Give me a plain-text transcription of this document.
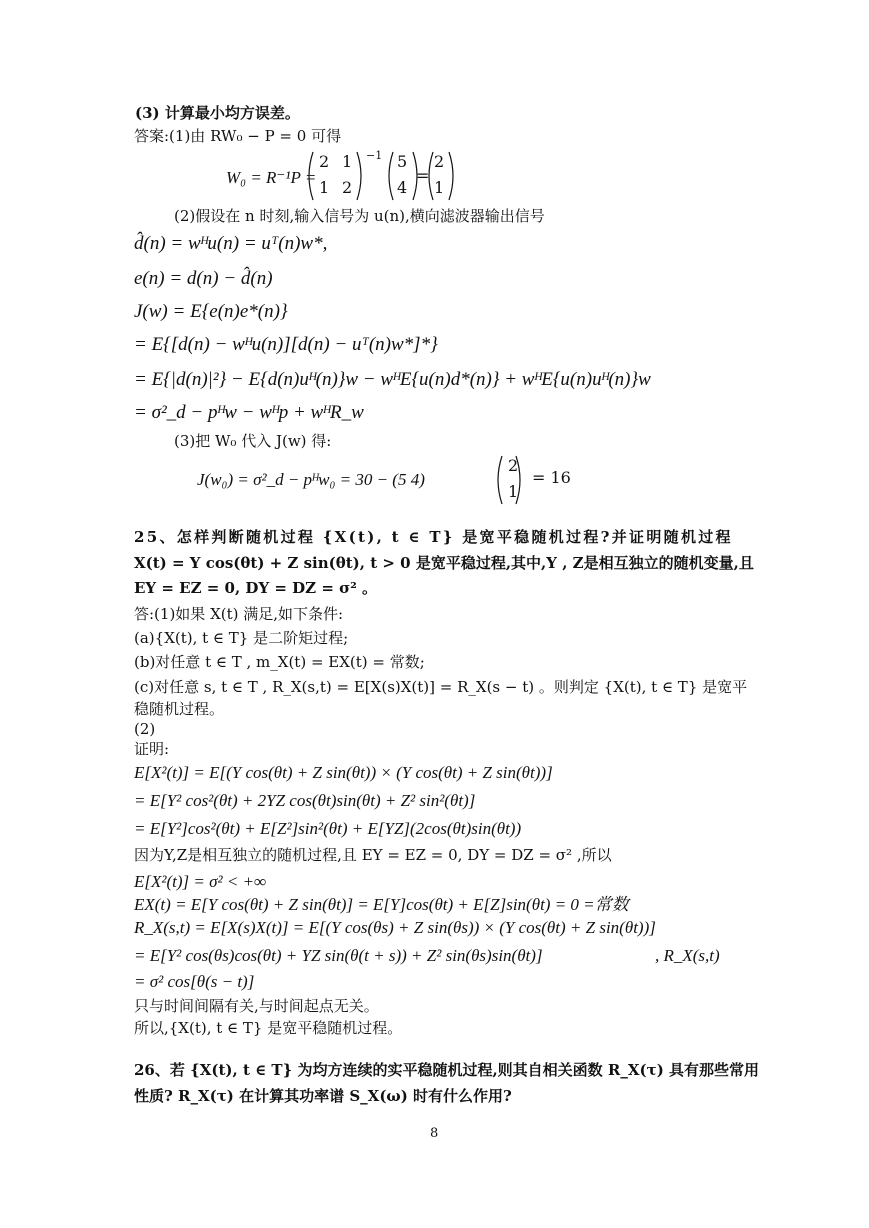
(3) 计算最小均方误差。
答案:(1)由 RW₀ − P = 0 可得
W₀ = R⁻¹P =
2 1
1 2
−1 5
4
=
2
1
(2)假设在 n 时刻,输入信号为 u(n),横向滤波器输出信号
d̂(n) = wᴴu(n) = uᵀ(n)w*,
e(n) = d(n) − d̂(n)
J(w) = E{e(n)e*(n)}
= E{[d(n) − wᴴu(n)][d(n) − uᵀ(n)w*]*}
= E{|d(n)|²} − E{d(n)uᴴ(n)}w − wᴴE{u(n)d*(n)} + wᴴE{u(n)uᴴ(n)}w
= σ²_d − pᴴw − wᴴp + wᴴR_w
(3)把 W₀ 代入 J(w) 得:
J(w₀) = σ²_d − pᴴw₀ = 30 − (5 4)
2
1
= 16
25、怎样判断随机过程 {X(t), t ∈ T} 是宽平稳随机过程?并证明随机过程
X(t) = Y cos(θt) + Z sin(θt), t > 0 是宽平稳过程,其中,Y , Z是相互独立的随机变量,且
EY = EZ = 0, DY = DZ = σ² 。
答:(1)如果 X(t) 满足,如下条件:
(a){X(t), t ∈ T} 是二阶矩过程;
(b)对任意 t ∈ T , m_X(t) = EX(t) = 常数;
(c)对任意 s, t ∈ T , R_X(s,t) = E[X(s)X(t)] = R_X(s − t) 。则判定 {X(t), t ∈ T} 是宽平
稳随机过程。
(2)
证明:
E[X²(t)] = E[(Y cos(θt) + Z sin(θt)) × (Y cos(θt) + Z sin(θt))]
= E[Y² cos²(θt) + 2YZ cos(θt)sin(θt) + Z² sin²(θt)]
= E[Y²]cos²(θt) + E[Z²]sin²(θt) + E[YZ](2cos(θt)sin(θt))
因为Y,Z是相互独立的随机过程,且 EY = EZ = 0, DY = DZ = σ² ,所以
E[X²(t)] = σ² < +∞
EX(t) = E[Y cos(θt) + Z sin(θt)] = E[Y]cos(θt) + E[Z]sin(θt) = 0 =常数
R_X(s,t) = E[X(s)X(t)] = E[(Y cos(θs) + Z sin(θs)) × (Y cos(θt) + Z sin(θt))]
= E[Y² cos(θs)cos(θt) + YZ sin(θ(t + s)) + Z² sin(θs)sin(θt)]	, R_X(s,t)
= σ² cos[θ(s − t)]
只与时间间隔有关,与时间起点无关。
所以,{X(t), t ∈ T} 是宽平稳随机过程。
26、若 {X(t), t ∈ T} 为均方连续的实平稳随机过程,则其自相关函数 R_X(τ) 具有那些常用
性质? R_X(τ) 在计算其功率谱 S_X(ω) 时有什么作用?
8
